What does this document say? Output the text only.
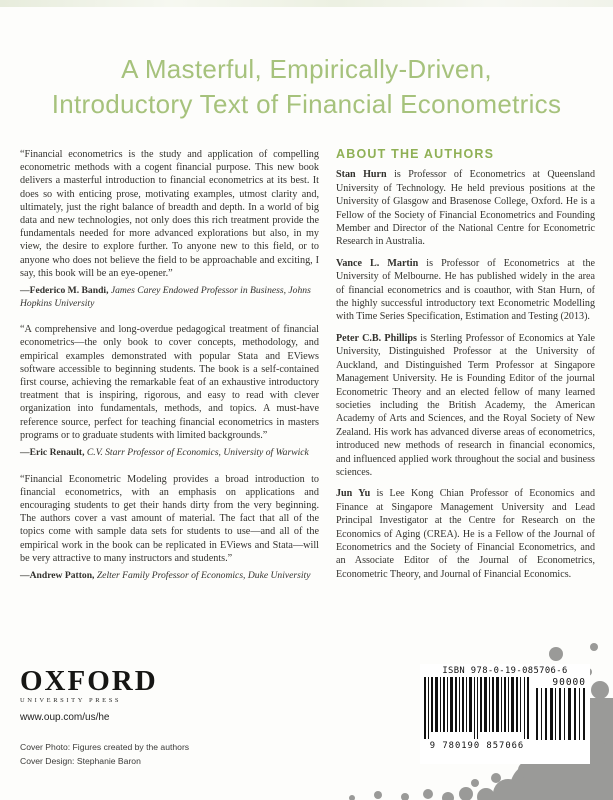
A Masterful, Empirically-Driven,
Introductory Text of Financial Econometrics

“Financial econometrics is the study and application of compelling econometric methods with a cogent financial purpose. This new book delivers a masterful introduction to financial econometrics at its best. It does so with enticing prose, motivating examples, utmost clarity and, ultimately, just the right balance of breadth and depth. In a world of big data and new technologies, not only does this rich treatment provide the fundamentals needed for more advanced explorations but also, in my view, the desire to explore further. To anyone new to this field, or to anyone who does not believe the field to be approachable and exciting, I say, this book will be an eye-opener.”

—Federico M. Bandi, James Carey Endowed Professor in Business, Johns Hopkins University

“A comprehensive and long-overdue pedagogical treatment of financial econometrics—the only book to cover concepts, methodology, and empirical examples demonstrated with popular Stata and EViews software accessible to beginning students. The book is a self-contained first course, achieving the remarkable feat of an exhaustive introductory treatment that is inspiring, rigorous, and easy to read with clever organization into fundamentals, methods, and topics. A must-have reference source, perfect for teaching financial econometrics in masters programs or to graduate students with limited backgrounds.”

—Eric Renault, C.V. Starr Professor of Economics, University of Warwick

“Financial Econometric Modeling provides a broad introduction to financial econometrics, with an emphasis on applications and encouraging students to get their hands dirty from the very beginning. The authors cover a vast amount of material. The fact that all of the topics come with sample data sets for students to use—and all of the empirical work in the book can be replicated in EViews and Stata—will be very attractive to many instructors and students.”

—Andrew Patton, Zelter Family Professor of Economics, Duke University

ABOUT THE AUTHORS

Stan Hurn is Professor of Econometrics at Queensland University of Technology. He held previous positions at the University of Glasgow and Brasenose College, Oxford. He is a Fellow of the Society of Financial Econometrics and Founding Member and Director of the National Centre for Econometric Research in Australia.

Vance L. Martin is Professor of Econometrics at the University of Melbourne. He has published widely in the area of financial econometrics and is coauthor, with Stan Hurn, of the highly successful introductory text Econometric Modelling with Time Series Specification, Estimation and Testing (2013).

Peter C.B. Phillips is Sterling Professor of Economics at Yale University, Distinguished Professor at the University of Auckland, and Distinguished Term Professor at Singapore Management University. He is Founding Editor of the journal Econometric Theory and an elected fellow of many learned societies including the British Academy, the American Academy of Arts and Sciences, and the Royal Society of New Zealand. His work has advanced diverse areas of econometrics, introduced new methods of research in financial economics, and influenced applied work throughout the social and business sciences.

Jun Yu is Lee Kong Chian Professor of Economics and Finance at Singapore Management University and Lead Principal Investigator at the Centre for Research on the Economics of Aging (CREA). He is a Fellow of the Journal of Econometrics and the Society of Financial Econometrics, and an Associate Editor of the Journal of Econometrics, Econometric Theory, and Journal of Financial Economics.

OXFORD
UNIVERSITY PRESS
www.oup.com/us/he
Cover Photo: Figures created by the authors
Cover Design: Stephanie Baron
ISBN 978-0-19-085706-6
9 780190 857066
90000
